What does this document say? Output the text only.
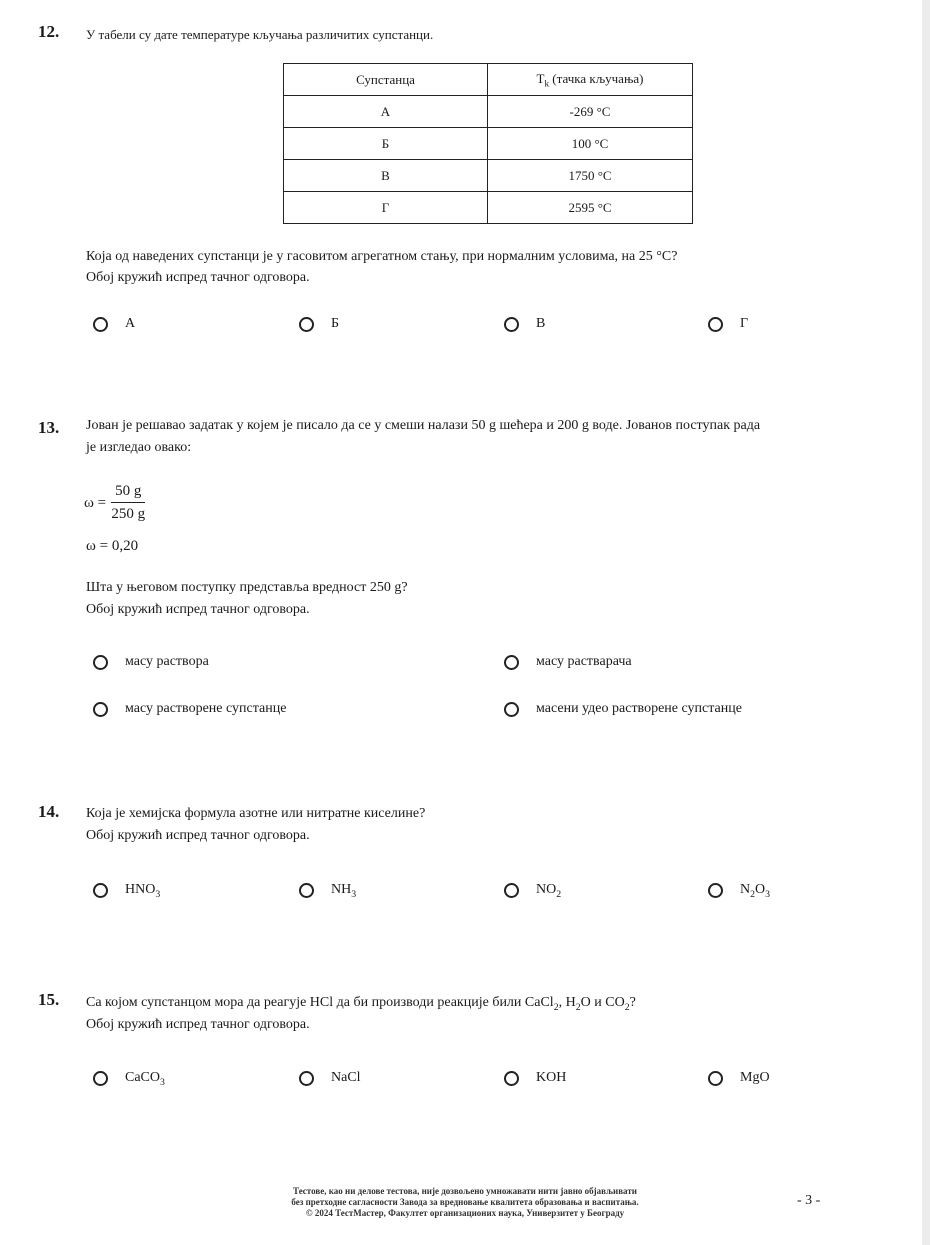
12. У табели су дате температуре кључања различитих супстанци.
Супстанца	$T_k$ (тачка кључања)
А	-269 °C
Б	100 °C
В	1750 °C
Г	2595 °C
Која од наведених супстанци је у гасовитом агрегатном стању, при нормалним условима, на 25 °C?
Обој кружић испред тачног одговора.
А	Б	В	Г
13. Јован је решавао задатак у којем је писало да се у смеши налази 50 g шећера и 200 g воде. Јованов поступак рада
је изгледао овако:
$\omega = \frac{50 g}{250 g}$
ω = 0,20
Шта у његовом поступку представља вредност 250 g?
Обој кружић испред тачног одговора.
масу раствора	масу растварача
масу растворене супстанце	масени удео растворене супстанце
14. Која је хемијска формула азотне или нитратне киселине?
Обој кружић испред тачног одговора.
$HNO_3$	$NH_3$	$NO_2$	$N_2O_3$
15. Са којом супстанцом мора да реагује HCl да би производи реакције били CaCl$_2$, $H_2O$ и $CO_2$?
Обој кружић испред тачног одговора.
CaCO$_3$	NaCl	KOH	MgO
Тестове, као ни делове тестова, није дозвољено умножавати нити јавно објављивати
без претходне сагласности Завода за вредновање квалитета образовања и васпитања.
© 2024 ТестМастер, Факултет организационих наука, Универзитет у Београду
- 3 -
